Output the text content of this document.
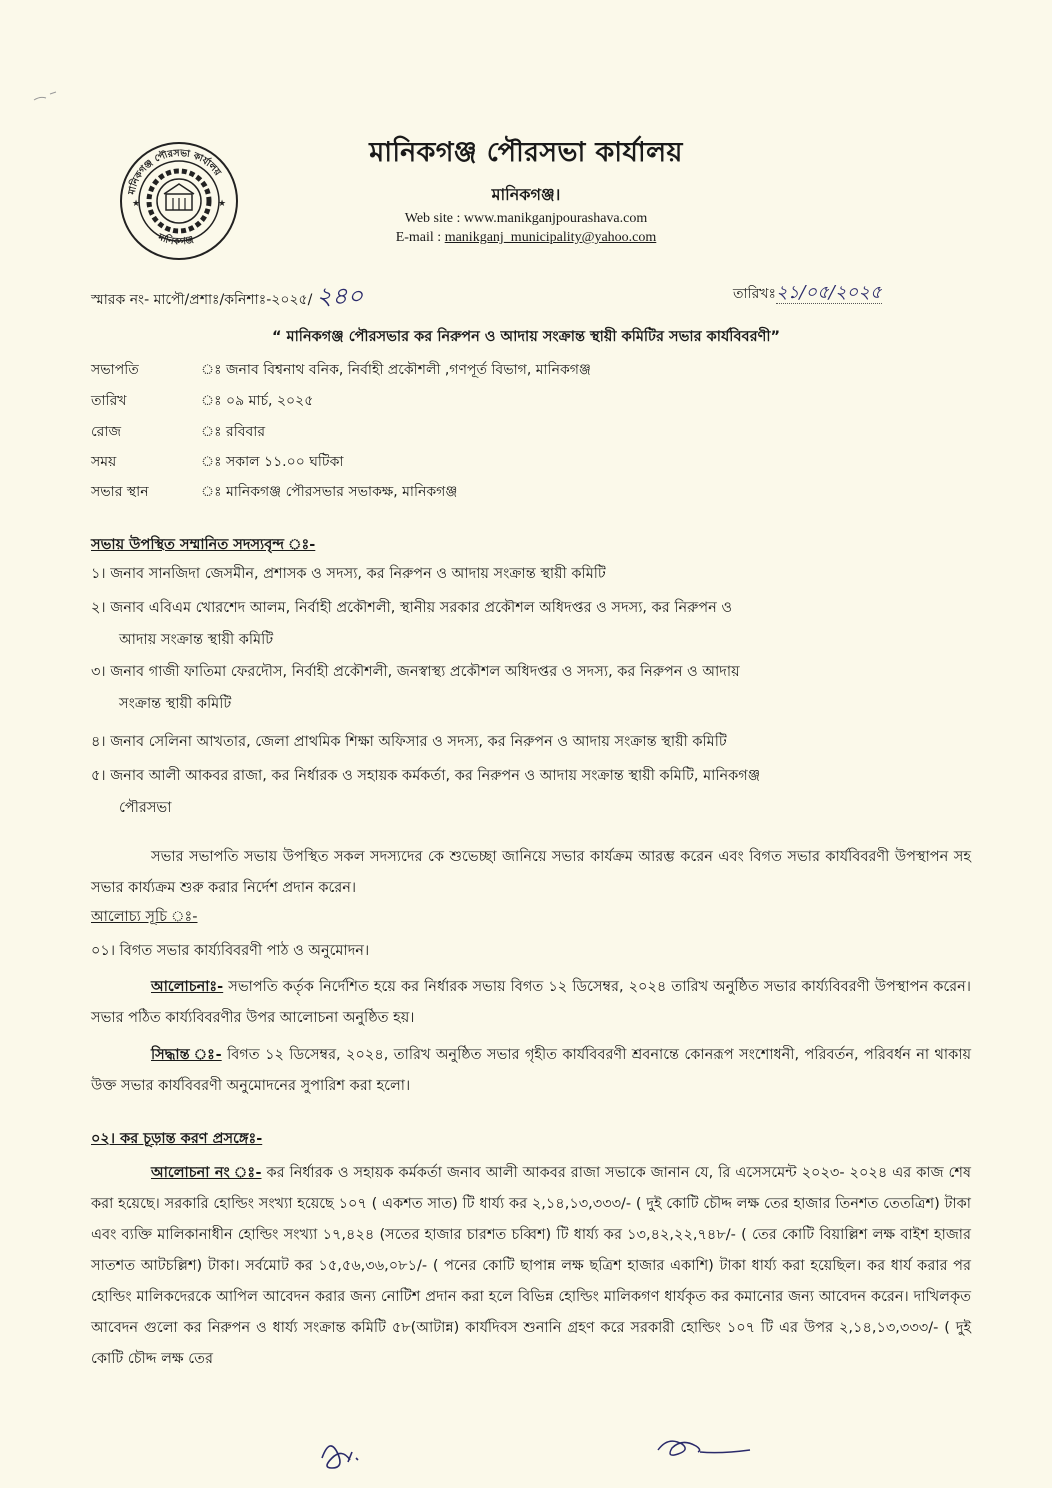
★	★
মানিকগঞ্জ পৌরসভা কার্যালয়
মানিকগঞ্জ
মানিকগঞ্জ পৌরসভা কার্যালয়
মানিকগঞ্জ।
Web site : www.manikganjpourashava.com
E-mail : manikganj_municipality@yahoo.com
স্মারক নং- মাপৌ/প্রশাঃ/কনিশাঃ-২০২৫/ ২৪০	তারিখঃ২১/০৫/২০২৫
“ মানিকগঞ্জ পৌরসভার কর নিরুপন ও আদায় সংক্রান্ত স্থায়ী কমিটির সভার কার্যবিবরণী”
সভাপতি	ঃ জনাব বিশ্বনাথ বনিক, নির্বাহী প্রকৌশলী ,গণপূর্ত বিভাগ, মানিকগঞ্জ
তারিখ	ঃ ০৯ মার্চ, ২০২৫
রোজ	ঃ রবিবার
সময়	ঃ সকাল ১১.০০ ঘটিকা
সভার স্থান	ঃ মানিকগঞ্জ পৌরসভার সভাকক্ষ, মানিকগঞ্জ
সভায় উপস্থিত সম্মানিত সদস্যবৃন্দ ঃ-
১। জনাব সানজিদা জেসমীন, প্রশাসক ও সদস্য, কর নিরুপন ও আদায় সংক্রান্ত স্থায়ী কমিটি
২। জনাব এবিএম খোরশেদ আলম, নির্বাহী প্রকৌশলী, স্থানীয় সরকার প্রকৌশল অধিদপ্তর ও সদস্য, কর নিরুপন ও
আদায় সংক্রান্ত স্থায়ী কমিটি
৩। জনাব গাজী ফাতিমা ফেরদৌস, নির্বাহী প্রকৌশলী, জনস্বাস্থ্য প্রকৌশল অধিদপ্তর ও সদস্য, কর নিরুপন ও আদায়
সংক্রান্ত স্থায়ী কমিটি
৪। জনাব সেলিনা আখতার, জেলা প্রাথমিক শিক্ষা অফিসার ও সদস্য, কর নিরুপন ও আদায় সংক্রান্ত স্থায়ী কমিটি
৫। জনাব আলী আকবর রাজা, কর নির্ধারক ও সহায়ক কর্মকর্তা, কর নিরুপন ও আদায় সংক্রান্ত স্থায়ী কমিটি, মানিকগঞ্জ
পৌরসভা
সভার সভাপতি সভায় উপস্থিত সকল সদস্যদের কে শুভেচ্ছা জানিয়ে সভার কার্যক্রম আরম্ভ করেন এবং বিগত সভার কার্যবিবরণী উপস্থাপন সহ সভার কার্য্যক্রম শুরু করার নির্দেশ প্রদান করেন।
আলোচ্য সূচি ঃ-
০১। বিগত সভার কার্য্যবিবরণী পাঠ ও অনুমোদন।
আলোচনাঃ- সভাপতি কর্তৃক নির্দেশিত হয়ে কর নির্ধারক সভায় বিগত ১২ ডিসেম্বর, ২০২৪ তারিখ অনুষ্ঠিত সভার কার্য্যবিবরণী উপস্থাপন করেন। সভার পঠিত কার্য্যবিবরণীর উপর আলোচনা অনুষ্ঠিত হয়।
সিদ্ধান্ত ঃ- বিগত ১২ ডিসেম্বর, ২০২৪, তারিখ অনুষ্ঠিত সভার গৃহীত কার্যবিবরণী শ্রবনান্তে কোনরূপ সংশোধনী, পরিবর্তন, পরিবর্ধন না থাকায় উক্ত সভার কার্যবিবরণী অনুমোদনের সুপারিশ করা হলো।
০২। কর চূড়ান্ত করণ প্রসঙ্গেঃ-
আলোচনা নং ঃ- কর নির্ধারক ও সহায়ক কর্মকর্তা জনাব আলী আকবর রাজা সভাকে জানান যে, রি এসেসমেন্ট ২০২৩- ২০২৪ এর কাজ শেষ করা হয়েছে। সরকারি হোল্ডিং সংখ্যা হয়েছে ১০৭ ( একশত সাত) টি ধার্য্য কর ২,১৪,১৩,৩৩৩/- ( দুই কোটি চৌদ্দ লক্ষ তের হাজার তিনশত তেতত্রিশ) টাকা এবং ব্যক্তি মালিকানাধীন হোল্ডিং সংখ্যা ১৭,৪২৪ (সতের হাজার চারশত চব্বিশ) টি ধার্য্য কর ১৩,৪২,২২,৭৪৮/- ( তের কোটি বিয়াল্লিশ লক্ষ বাইশ হাজার সাতশত আটচল্লিশ) টাকা। সর্বমোট কর ১৫,৫৬,৩৬,০৮১/- ( পনের কোটি ছাপান্ন লক্ষ ছত্রিশ হাজার একাশি) টাকা ধার্য্য করা হয়েছিল। কর ধার্য করার পর হোল্ডিং মালিকদেরকে আপিল আবেদন করার জন্য নোটিশ প্রদান করা হলে বিভিন্ন হোল্ডিং মালিকগণ ধার্যকৃত কর কমানোর জন্য আবেদন করেন। দাখিলকৃত আবেদন গুলো কর নিরুপন ও ধার্য্য সংক্রান্ত কমিটি ৫৮(আটান্ন) কার্যদিবস শুনানি গ্রহণ করে সরকারী হোল্ডিং ১০৭ টি এর উপর ২,১৪,১৩,৩৩৩/- ( দুই কোটি চৌদ্দ লক্ষ তের
